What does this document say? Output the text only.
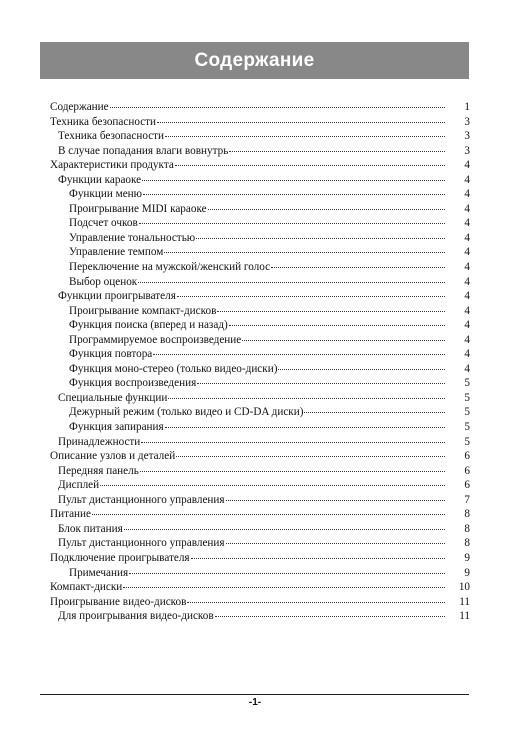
Содержание
Содержание	1
Техника безопасности	3
Техника безопасности	3
В случае попадания влаги вовнутрь	3
Характеристики продукта	4
Функции караоке	4
Функции меню	4
Проигрывание MIDI караоке	4
Подсчет очков	4
Управление тональностью	4
Управление темпом	4
Переключение на мужской/женский голос	4
Выбор оценок	4
Функции проигрывателя	4
Проигрывание компакт-дисков	4
Функция поиска (вперед и назад)	4
Программируемое воспроизведение	4
Функция повтора	4
Функция моно-стерео (только видео-диски)	4
Функция воспроизведения	5
Специальные функции	5
Дежурный режим (только видео и CD-DA диски)	5
Функция запирания	5
Принадлежности	5
Описание узлов и деталей	6
Передняя панель	6
Дисплей	6
Пульт дистанционного управления	7
Питание	8
Блок питания	8
Пульт дистанционного управления	8
Подключение проигрывателя	9
Примечания	9
Компакт-диски	10
Проигрывание видео-дисков	11
Для проигрывания видео-дисков	11
-1-
